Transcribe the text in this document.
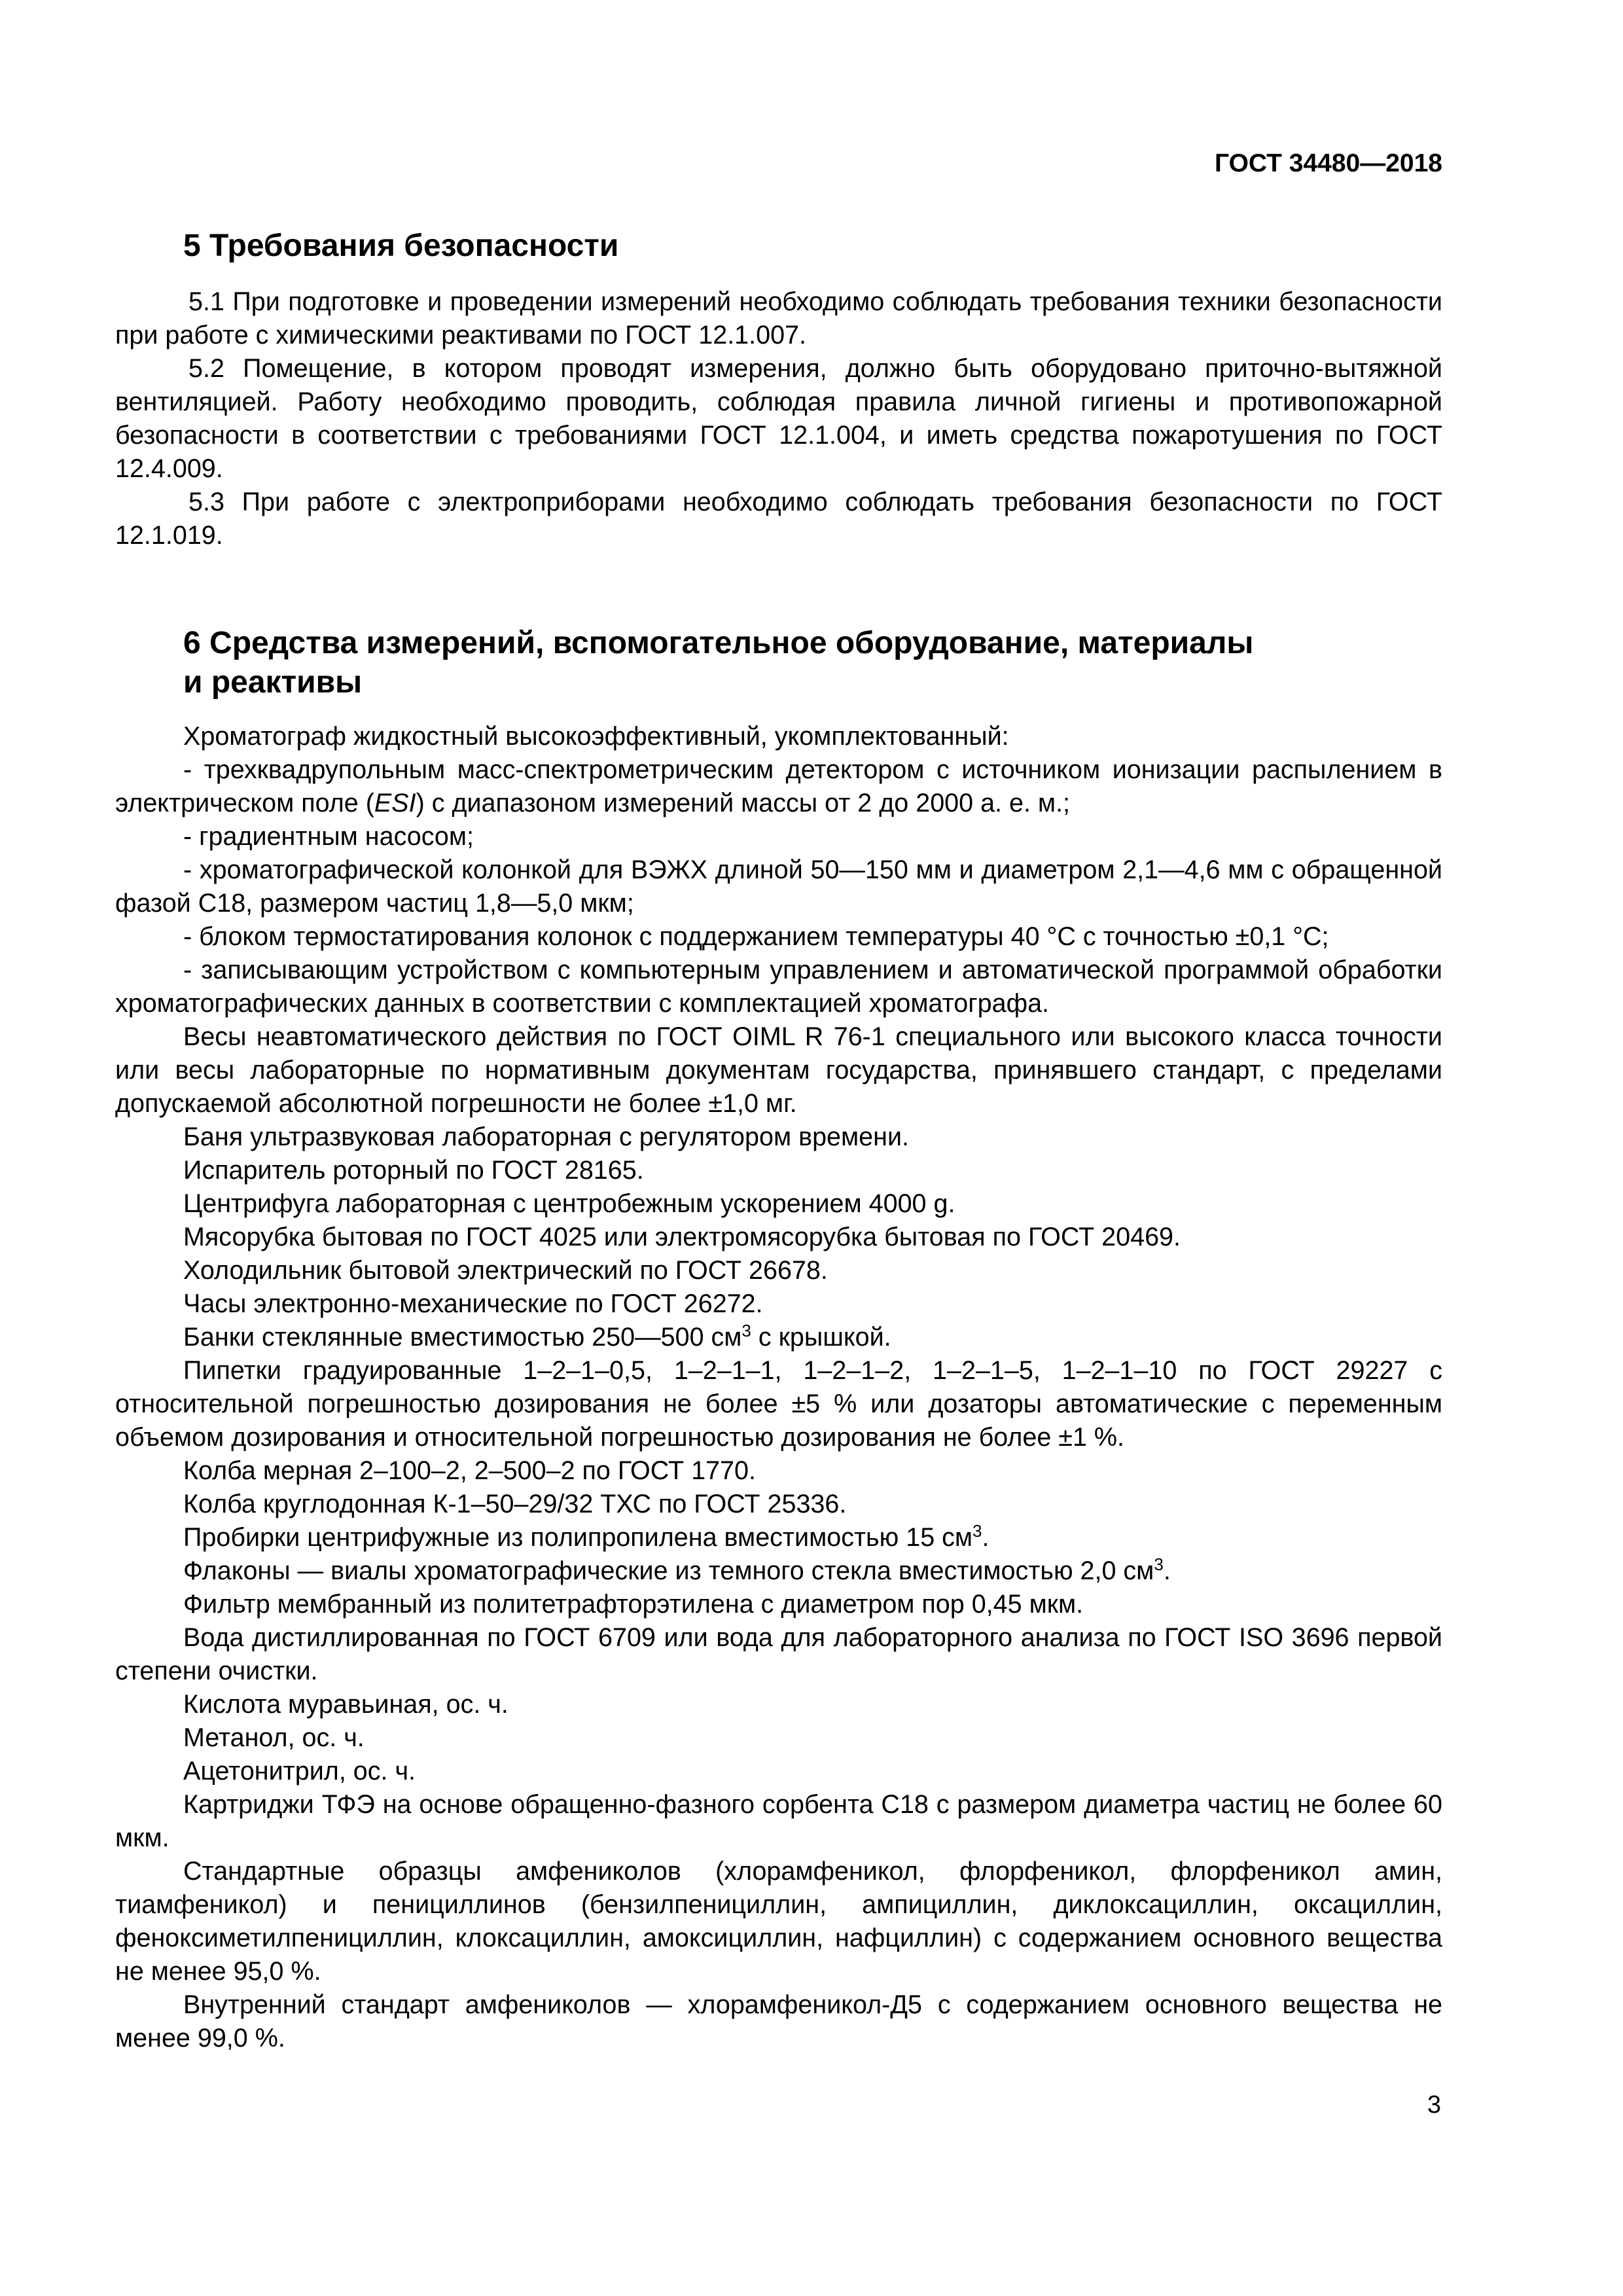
ГОСТ 34480—2018
5 Требования безопасности

5.1 При подготовке и проведении измерений необходимо соблюдать требования техники безопасности при работе с химическими реактивами по ГОСТ 12.1.007.

5.2 Помещение, в котором проводят измерения, должно быть оборудовано приточно-вытяжной вентиляцией. Работу необходимо проводить, соблюдая правила личной гигиены и противопожарной безопасности в соответствии с требованиями ГОСТ 12.1.004, и иметь средства пожаротушения по ГОСТ 12.4.009.

5.3 При работе с электроприборами необходимо соблюдать требования безопасности по ГОСТ 12.1.019.

6 Средства измерений, вспомогательное оборудование, материалы
и реактивы

Хроматограф жидкостный высокоэффективный, укомплектованный:

- трехквадрупольным масс-спектрометрическим детектором с источником ионизации распылением в электрическом поле (ESI) с диапазоном измерений массы от 2 до 2000 а. е. м.;

- градиентным насосом;

- хроматографической колонкой для ВЭЖХ длиной 50—150 мм и диаметром 2,1—4,6 мм с обращенной фазой С18, размером частиц 1,8—5,0 мкм;

- блоком термостатирования колонок с поддержанием температуры 40 °С с точностью ±0,1 °С;

- записывающим устройством с компьютерным управлением и автоматической программой обработки хроматографических данных в соответствии с комплектацией хроматографа.

Весы неавтоматического действия по ГОСТ OIML R 76-1 специального или высокого класса точности или весы лабораторные по нормативным документам государства, принявшего стандарт, с пределами допускаемой абсолютной погрешности не более ±1,0 мг.

Баня ультразвуковая лабораторная с регулятором времени.

Испаритель роторный по ГОСТ 28165.

Центрифуга лабораторная с центробежным ускорением 4000 g.

Мясорубка бытовая по ГОСТ 4025 или электромясорубка бытовая по ГОСТ 20469.

Холодильник бытовой электрический по ГОСТ 26678.

Часы электронно-механические по ГОСТ 26272.

Банки стеклянные вместимостью 250—500 $см^3$ с крышкой.

Пипетки градуированные 1–2–1–0,5, 1–2–1–1, 1–2–1–2, 1–2–1–5, 1–2–1–10 по ГОСТ 29227 с относительной погрешностью дозирования не более ±5 % или дозаторы автоматические с переменным объемом дозирования и относительной погрешностью дозирования не более ±1 %.

Колба мерная 2–100–2, 2–500–2 по ГОСТ 1770.

Колба круглодонная К-1–50–29/32 ТХС по ГОСТ 25336.

Пробирки центрифужные из полипропилена вместимостью 15 $см^3$.

Флаконы — виалы хроматографические из темного стекла вместимостью 2,0 $см^3$.

Фильтр мембранный из политетрафторэтилена с диаметром пор 0,45 мкм.

Вода дистиллированная по ГОСТ 6709 или вода для лабораторного анализа по ГОСТ ISO 3696 первой степени очистки.

Кислота муравьиная, ос. ч.

Метанол, ос. ч.

Ацетонитрил, ос. ч.

Картриджи ТФЭ на основе обращенно-фазного сорбента С18 с размером диаметра частиц не более 60 мкм.

Стандартные образцы амфениколов (хлорамфеникол, флорфеникол, флорфеникол амин, тиамфеникол) и пенициллинов (бензилпенициллин, ампициллин, диклоксациллин, оксациллин, феноксиметилпенициллин, клоксациллин, амоксициллин, нафциллин) с содержанием основного вещества не менее 95,0 %.

Внутренний стандарт амфениколов — хлорамфеникол-Д5 с содержанием основного вещества не менее 99,0 %.

3
